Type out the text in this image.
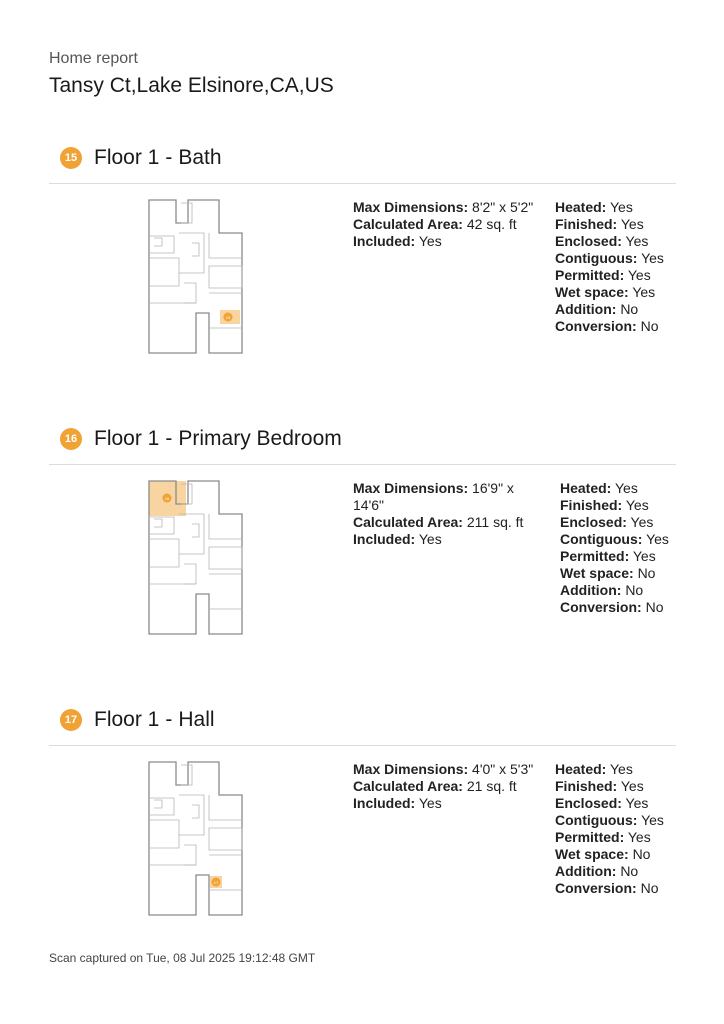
Home report
Tansy Ct,Lake Elsinore,CA,US
15 Floor 1 - Bath
15

Max Dimensions: 8'2" x 5'2"

Calculated Area: 42 sq. ft

Included: Yes

Heated: Yes

Finished: Yes

Enclosed: Yes

Contiguous: Yes

Permitted: Yes

Wet space: Yes

Addition: No

Conversion: No

16 Floor 1 - Primary Bedroom
16

Max Dimensions: 16'9" x 14'6"

Calculated Area: 211 sq. ft

Included: Yes

Heated: Yes

Finished: Yes

Enclosed: Yes

Contiguous: Yes

Permitted: Yes

Wet space: No

Addition: No

Conversion: No

17 Floor 1 - Hall
17

Max Dimensions: 4'0" x 5'3"

Calculated Area: 21 sq. ft

Included: Yes

Heated: Yes

Finished: Yes

Enclosed: Yes

Contiguous: Yes

Permitted: Yes

Wet space: No

Addition: No

Conversion: No

Scan captured on Tue, 08 Jul 2025 19:12:48 GMT
